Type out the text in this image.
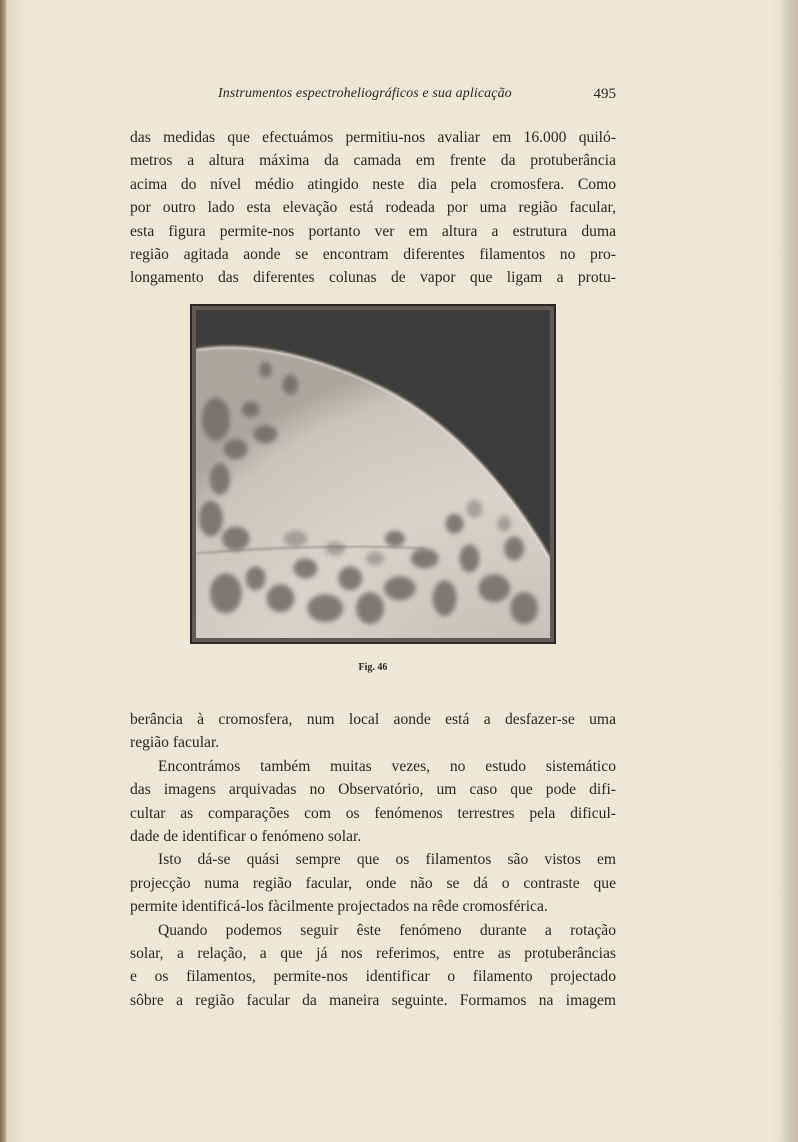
Instrumentos espectroheliográficos e sua aplicação	495
das medidas que efectuámos permitiu-nos avaliar em 16.000 quiló-
metros a altura máxima da camada em frente da protuberância
acima do nível médio atingido neste dia pela cromosfera. Como
por outro lado esta elevação está rodeada por uma região facular,
esta figura permite-nos portanto ver em altura a estrutura duma
região agitada aonde se encontram diferentes filamentos no pro-
longamento das diferentes colunas de vapor que ligam a protu-
Fig. 46
berância à cromosfera, num local aonde está a desfazer-se uma
região facular.
Encontrámos também muitas vezes, no estudo sistemático
das imagens arquivadas no Observatório, um caso que pode difi-
cultar as comparações com os fenómenos terrestres pela dificul-
dade de identificar o fenómeno solar.
Isto dá-se quási sempre que os filamentos são vistos em
projecção numa região facular, onde não se dá o contraste que
permite identificá-los fàcilmente projectados na rêde cromosférica.
Quando podemos seguir êste fenómeno durante a rotação
solar, a relação, a que já nos referimos, entre as protuberâncias
e os filamentos, permite-nos identificar o filamento projectado
sôbre a região facular da maneira seguinte. Formamos na imagem
